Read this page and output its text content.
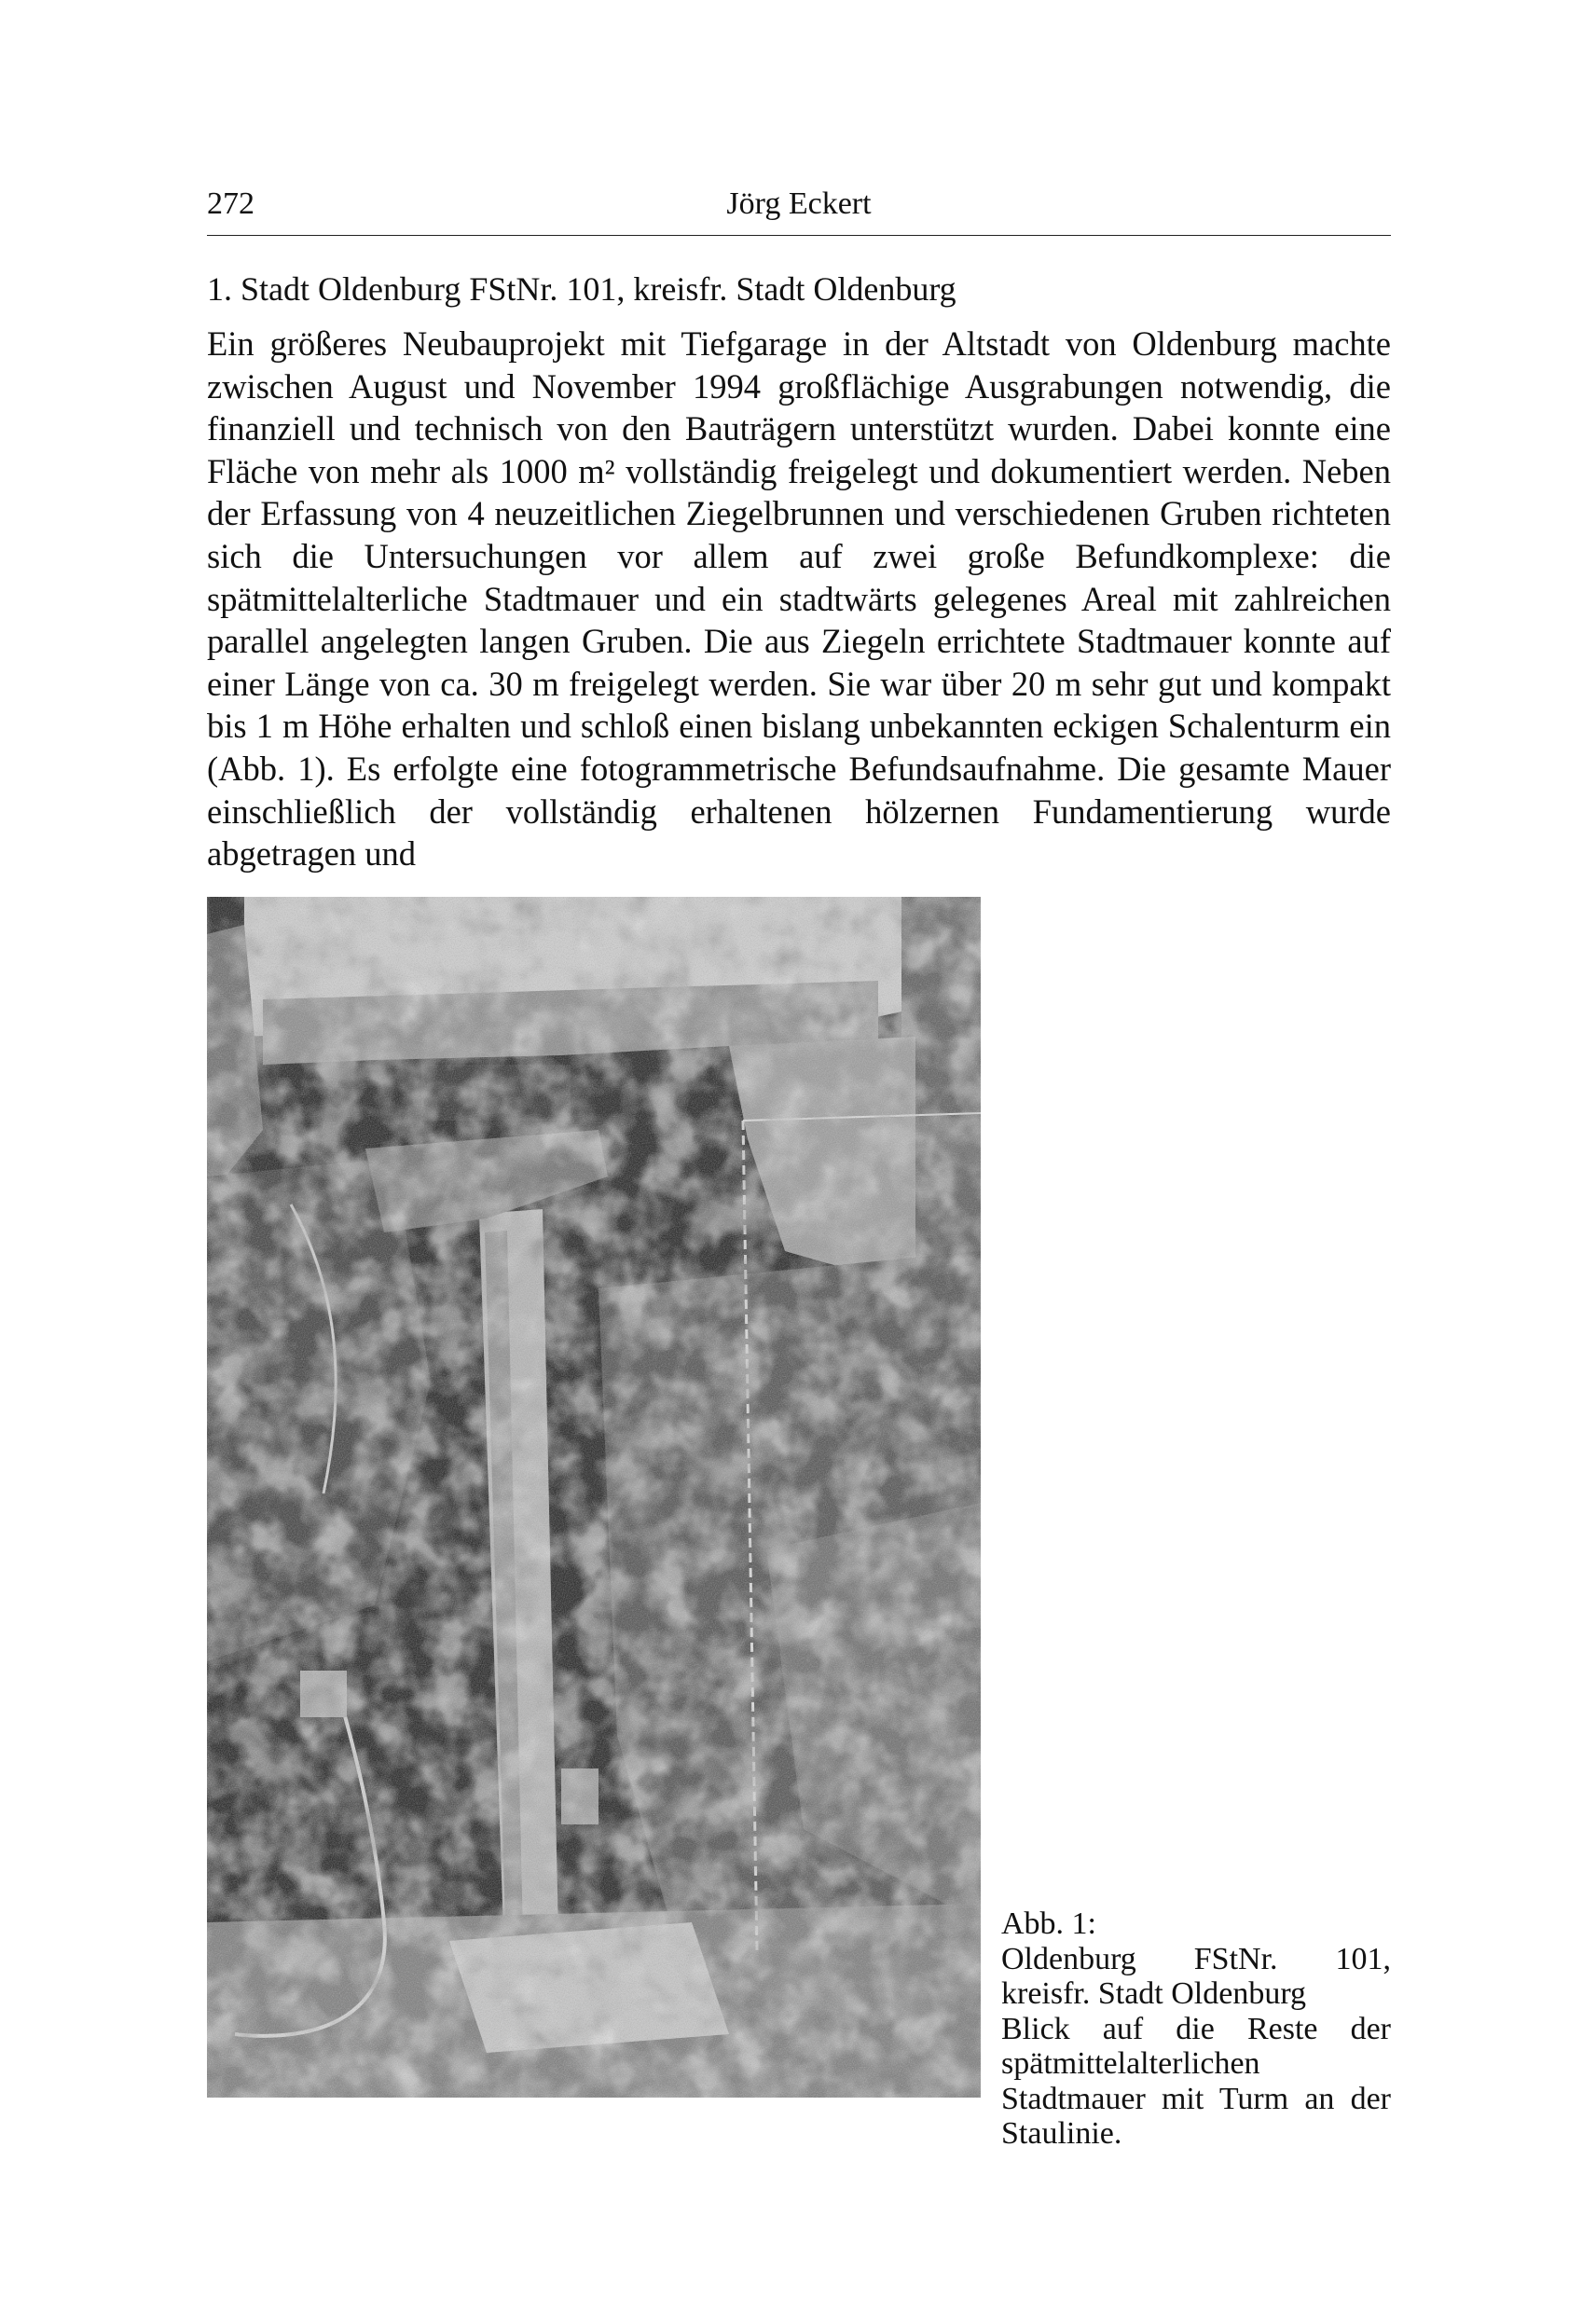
272	Jörg Eckert
1. Stadt Oldenburg FStNr. 101, kreisfr. Stadt Oldenburg

Ein größeres Neubauprojekt mit Tiefgarage in der Altstadt von Oldenburg machte zwischen August und November 1994 großflächige Ausgrabungen notwendig, die finanziell und technisch von den Bauträgern unterstützt wurden. Dabei konnte eine Fläche von mehr als 1000 m² vollständig freigelegt und dokumentiert werden. Neben der Erfassung von 4 neuzeitlichen Ziegelbrunnen und verschiedenen Gruben richteten sich die Untersuchungen vor allem auf zwei große Befundkomplexe: die spätmittelalterliche Stadtmauer und ein stadtwärts gelegenes Areal mit zahlreichen parallel angelegten langen Gruben. Die aus Ziegeln errichtete Stadtmauer konnte auf einer Länge von ca. 30 m freigelegt werden. Sie war über 20 m sehr gut und kompakt bis 1 m Höhe erhalten und schloß einen bislang unbekannten eckigen Schalenturm ein (Abb. 1). Es erfolgte eine fotogrammetrische Befundsaufnahme. Die gesamte Mauer einschließlich der vollständig erhaltenen hölzernen Fundamentierung wurde abgetragen und

Abb. 1:
Oldenburg FStNr. 101,
kreisfr. Stadt Oldenburg
Blick auf die Reste der spätmittelalterlichen Stadtmauer mit Turm an der Staulinie.
